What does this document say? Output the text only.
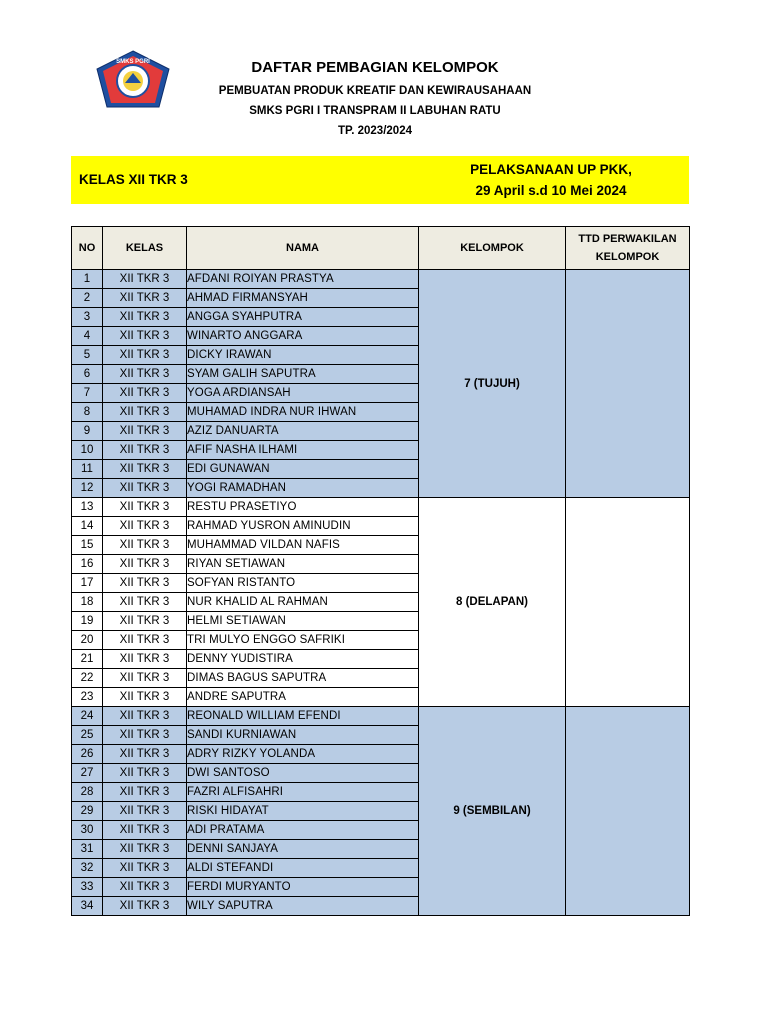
SMKS PGRI	DAFTAR PEMBAGIAN KELOMPOK
PEMBUATAN PRODUK KREATIF DAN KEWIRAUSAHAAN
SMKS PGRI I TRANSPRAM II LABUHAN RATU
TP. 2023/2024
KELAS XII TKR 3
PELAKSANAAN UP PKK,
29 April s.d 10 Mei 2024
NO	KELAS	NAMA	KELOMPOK	TTD PERWAKILAN KELOMPOK
1	XII TKR 3	AFDANI ROIYAN PRASTYA	7 (TUJUH)	
2	XII TKR 3	AHMAD FIRMANSYAH		
3	XII TKR 3	ANGGA SYAHPUTRA		
4	XII TKR 3	WINARTO ANGGARA		
5	XII TKR 3	DICKY IRAWAN		
6	XII TKR 3	SYAM GALIH SAPUTRA		
7	XII TKR 3	YOGA ARDIANSAH		
8	XII TKR 3	MUHAMAD INDRA NUR IHWAN		
9	XII TKR 3	AZIZ DANUARTA		
10	XII TKR 3	AFIF NASHA ILHAMI		
11	XII TKR 3	EDI GUNAWAN		
12	XII TKR 3	YOGI RAMADHAN		
13	XII TKR 3	RESTU PRASETIYO	8 (DELAPAN)	
14	XII TKR 3	RAHMAD YUSRON AMINUDIN		
15	XII TKR 3	MUHAMMAD VILDAN NAFIS		
16	XII TKR 3	RIYAN SETIAWAN		
17	XII TKR 3	SOFYAN RISTANTO		
18	XII TKR 3	NUR KHALID AL RAHMAN		
19	XII TKR 3	HELMI SETIAWAN		
20	XII TKR 3	TRI MULYO ENGGO SAFRIKI		
21	XII TKR 3	DENNY YUDISTIRA		
22	XII TKR 3	DIMAS BAGUS SAPUTRA		
23	XII TKR 3	ANDRE SAPUTRA		
24	XII TKR 3	REONALD WILLIAM EFENDI	9 (SEMBILAN)	
25	XII TKR 3	SANDI KURNIAWAN		
26	XII TKR 3	ADRY RIZKY YOLANDA		
27	XII TKR 3	DWI SANTOSO		
28	XII TKR 3	FAZRI ALFISAHRI		
29	XII TKR 3	RISKI HIDAYAT		
30	XII TKR 3	ADI PRATAMA		
31	XII TKR 3	DENNI SANJAYA		
32	XII TKR 3	ALDI STEFANDI		
33	XII TKR 3	FERDI MURYANTO		
34	XII TKR 3	WILY SAPUTRA		
